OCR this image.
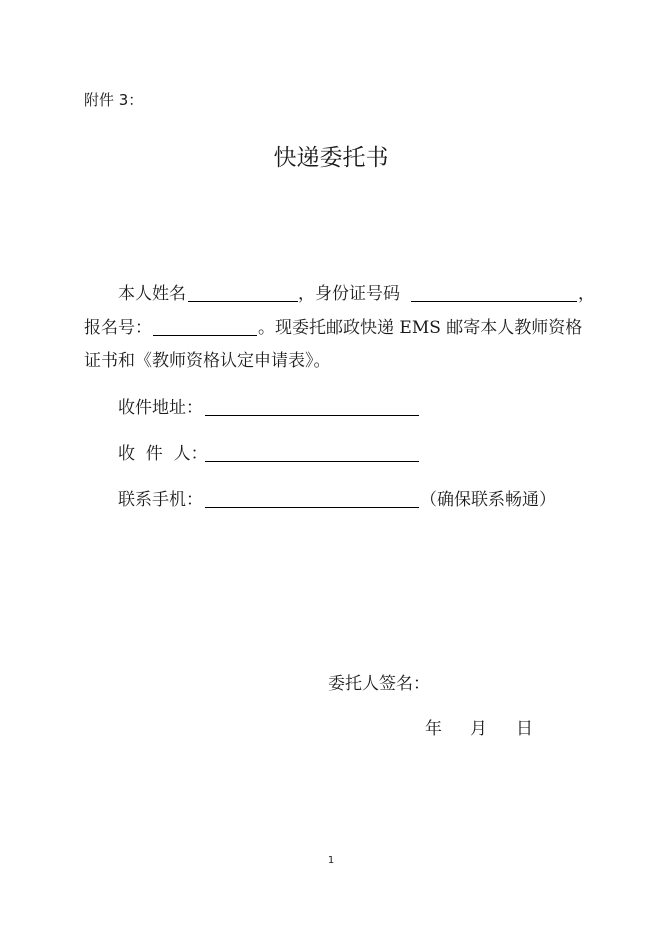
附件 3：
快递委托书
本人姓名	，身份证号码	，
报名号：	。现委托邮政快递 EMS 邮寄本人教师资格
证书和《教师资格认定申请表》。
收件地址：
收  件  人：
联系手机：	（确保联系畅通）
委托人签名：
年 月 日
1
